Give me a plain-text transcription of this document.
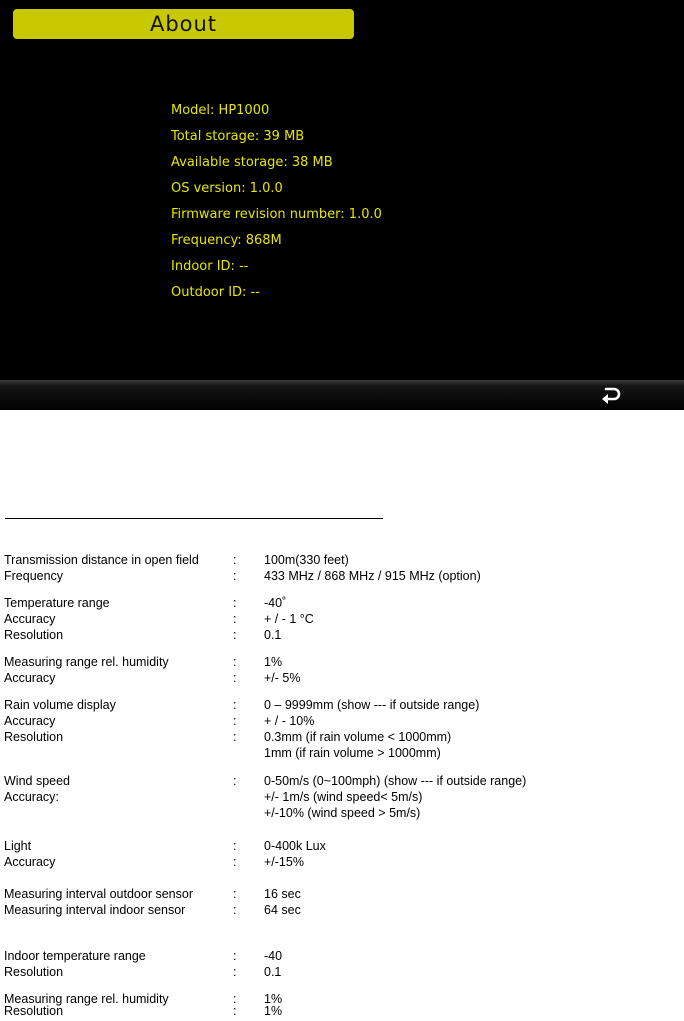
About
Model: HP1000
Total storage: 39 MB
Available storage: 38 MB
OS version: 1.0.0
Firmware revision number: 1.0.0
Frequency: 868M
Indoor ID: --
Outdoor ID: --
Transmission distance in open field	: 100m(330 feet)
Frequency	: 433 MHz / 868 MHz / 915 MHz (option)
Temperature range	: -40˚
Accuracy	: + / - 1 °C
Resolution	: 0.1
Measuring range rel. humidity	: 1%
Accuracy	: +/- 5%
Rain volume display	: 0 – 9999mm (show --- if outside range)
Accuracy	: + / - 10%
Resolution	: 0.3mm (if rain volume < 1000mm)
1mm (if rain volume > 1000mm)
Wind speed	: 0-50m/s (0~100mph) (show --- if outside range)
Accuracy:	+/- 1m/s (wind speed< 5m/s)
+/-10% (wind speed > 5m/s)
Light	: 0-400k Lux
Accuracy	: +/-15%
Measuring interval outdoor sensor	: 16 sec
Measuring interval indoor sensor	: 64 sec
Indoor temperature range	: -40
Resolution	: 0.1
Measuring range rel. humidity	: 1%
Resolution	: 1%
